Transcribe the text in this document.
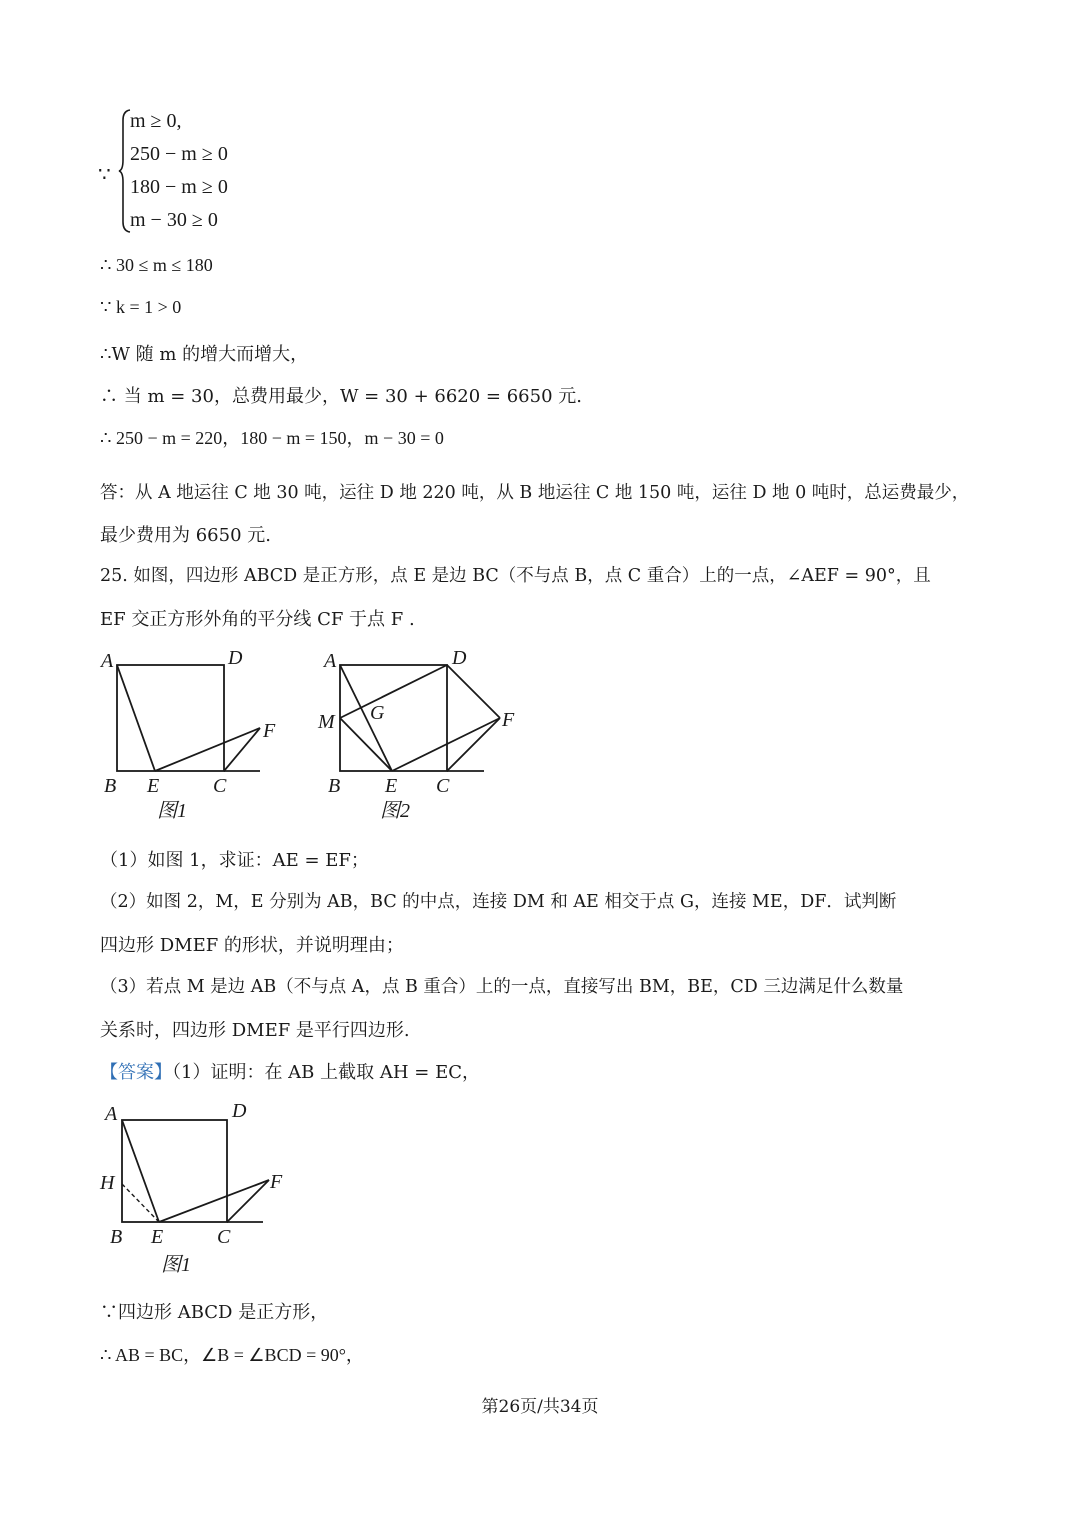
∵
m ≥ 0,
250 − m ≥ 0
180 − m ≥ 0
m − 30 ≥ 0
∴ 30 ≤ m ≤ 180
∵ k = 1 > 0
∴W 随 m 的增大而增大，
∴ 当 m = 30，总费用最少，W = 30 + 6620 = 6650 元.
∴ 250 − m = 220，180 − m = 150，m − 30 = 0
答：从 A 地运往 C 地 30 吨，运往 D 地 220 吨，从 B 地运往 C 地 150 吨，运往 D 地 0 吨时，总运费最少，
最少费用为 6650 元.
25. 如图，四边形 ABCD 是正方形，点 E 是边 BC（不与点 B，点 C 重合）上的一点，∠AEF = 90°，且
EF 交正方形外角的平分线 CF 于点 F .
A	D
F
B E	C
图1
A	D
M G	F
B E C
图2
（1）如图 1，求证：AE = EF；
（2）如图 2，M，E 分别为 AB，BC 的中点，连接 DM 和 AE 相交于点 G，连接 ME，DF．试判断
四边形 DMEF 的形状，并说明理由；
（3）若点 M 是边 AB（不与点 A，点 B 重合）上的一点，直接写出 BM，BE，CD 三边满足什么数量
关系时，四边形 DMEF 是平行四边形.
【答案】（1）证明：在 AB 上截取 AH = EC，
A	D
H	F
B E	C
图1
∵四边形 ABCD 是正方形，
∴ AB = BC，∠B = ∠BCD = 90°，
第26页/共34页
